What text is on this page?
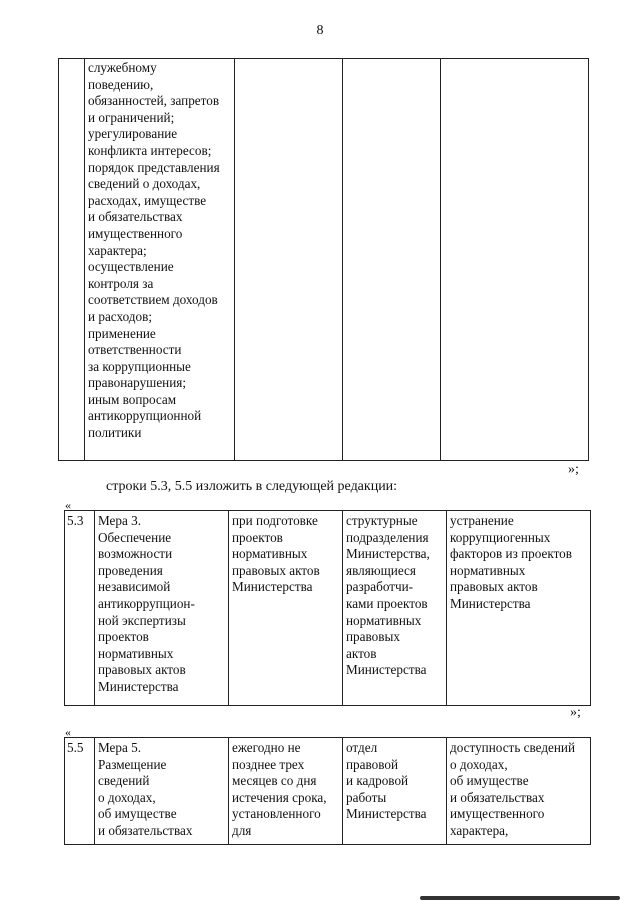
8
	служебному
поведению,
обязанностей, запретов
и ограничений;
урегулирование
конфликта интересов;
порядок представления
сведений о доходах,
расходах, имуществе
и обязательствах
имущественного
характера;
осуществление
контроля за
соответствием доходов
и расходов;
применение
ответственности
за коррупционные
правонарушения;
иным вопросам
антикоррупционной
политики			
»;
строки 5.3, 5.5 изложить в следующей редакции:
«
5.3	Мера 3.
Обеспечение
возможности
проведения
независимой
антикоррупцион-
ной экспертизы
проектов
нормативных
правовых актов
Министерства	при подготовке
проектов
нормативных
правовых актов
Министерства	структурные
подразделения
Министерства,
являющиеся
разработчи-
ками проектов
нормативных
правовых
актов
Министерства	устранение
коррупциогенных
факторов из проектов
нормативных
правовых актов
Министерства
»;
«
5.5	Мера 5.
Размещение
сведений
о доходах,
об имуществе
и обязательствах	ежегодно не
позднее трех
месяцев со дня
истечения срока,
установленного
для	отдел
правовой
и кадровой
работы
Министерства	доступность сведений
о доходах,
об имуществе
и обязательствах
имущественного
характера,
